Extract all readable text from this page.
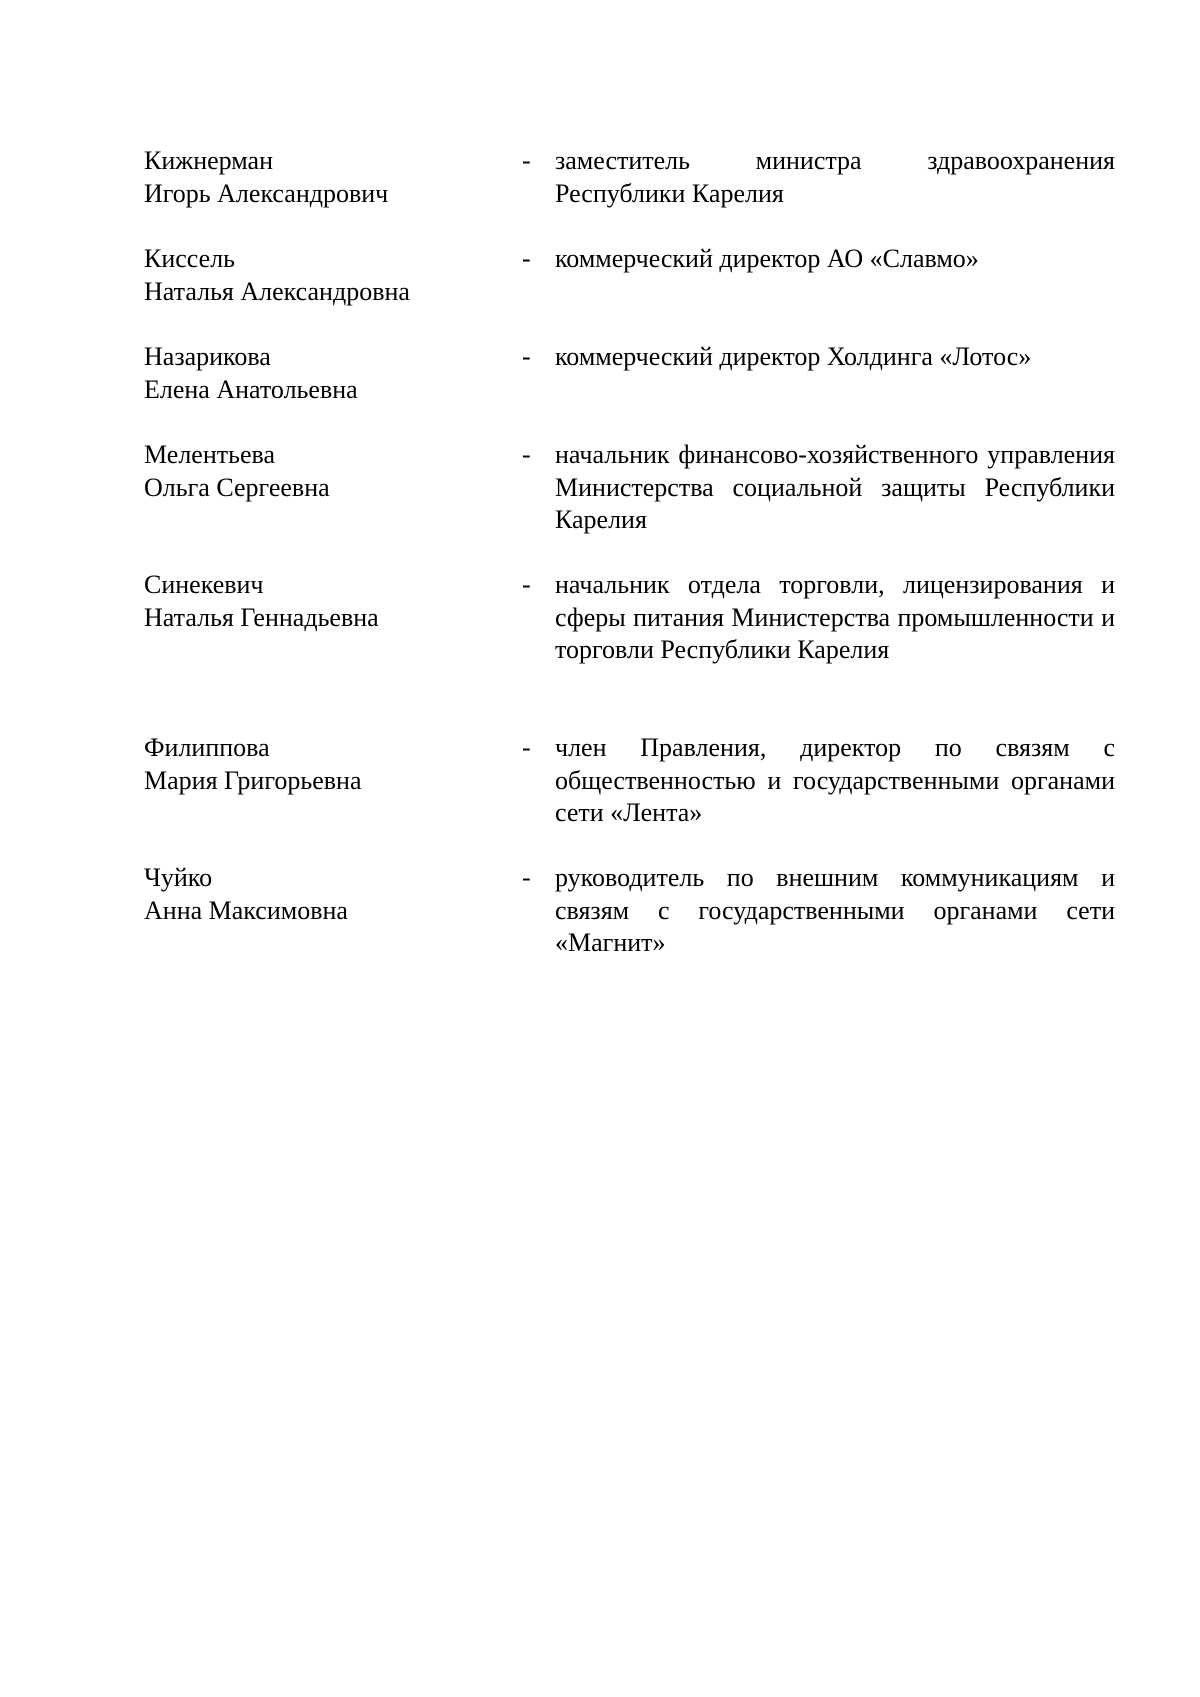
Кижнерман
Игорь Александрович
- заместитель министра здравоохранения Республики Карелия
Киссель
Наталья Александровна
- коммерческий директор АО «Славмо»
Назарикова
Елена Анатольевна
- коммерческий директор Холдинга «Лотос»
Мелентьева
Ольга Сергеевна
- начальник финансово-хозяйственного управления Министерства социальной защиты Республики Карелия
Синекевич
Наталья Геннадьевна
- начальник отдела торговли, лицензирования и сферы питания Министерства промышленности и торговли Республики Карелия
Филиппова
Мария Григорьевна
- член Правления, директор по связям с общественностью и государственными органами сети «Лента»
Чуйко
Анна Максимовна
- руководитель по внешним коммуникациям и связям с государственными органами сети «Магнит»
